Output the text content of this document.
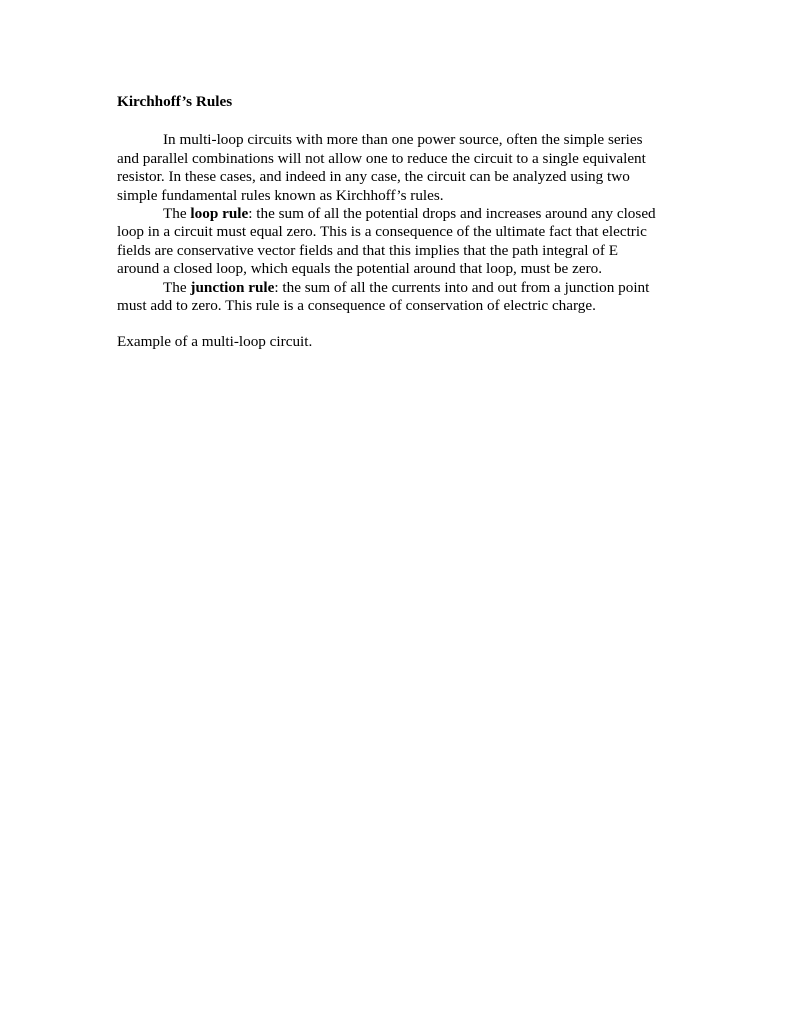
Kirchhoff’s Rules
In multi-loop circuits with more than one power source, often the simple series
and parallel combinations will not allow one to reduce the circuit to a single equivalent
resistor. In these cases, and indeed in any case, the circuit can be analyzed using two
simple fundamental rules known as Kirchhoff’s rules.
The loop rule: the sum of all the potential drops and increases around any closed
loop in a circuit must equal zero. This is a consequence of the ultimate fact that electric
fields are conservative vector fields and that this implies that the path integral of E
around a closed loop, which equals the potential around that loop, must be zero.
The junction rule: the sum of all the currents into and out from a junction point
must add to zero. This rule is a consequence of conservation of electric charge.
Example of a multi-loop circuit.
